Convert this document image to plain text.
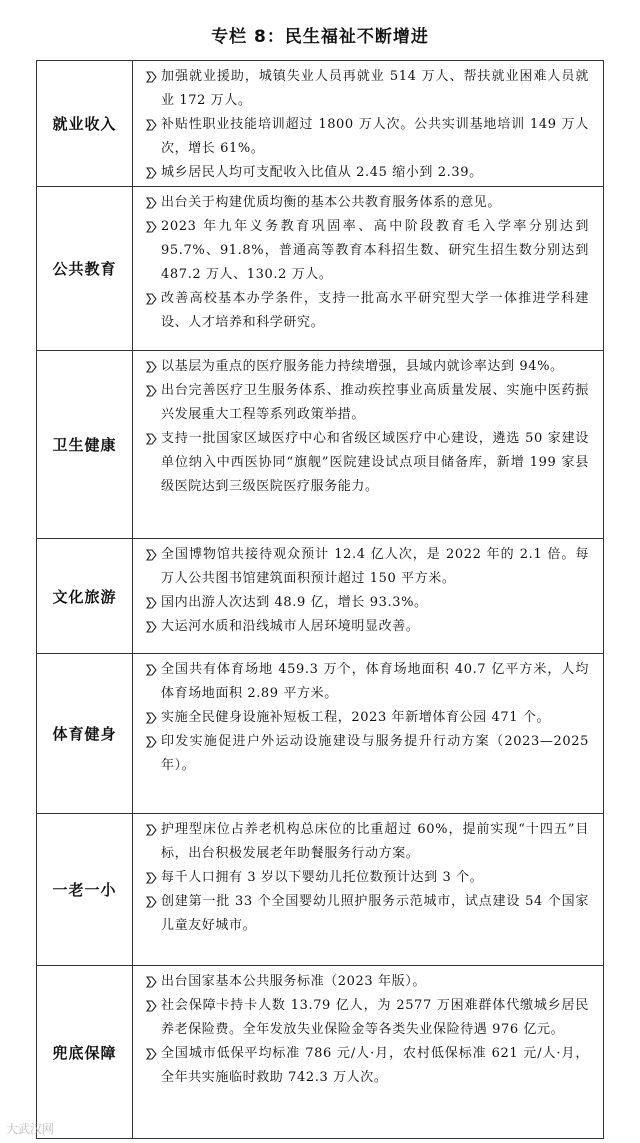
专栏 8：民生福祉不断增进
就业收入
加强就业援助，城镇失业人员再就业 514 万人、帮扶就业困难人员就业 172 万人。
补贴性职业技能培训超过 1800 万人次。公共实训基地培训 149 万人次，增长 61%。
城乡居民人均可支配收入比值从 2.45 缩小到 2.39。
公共教育
出台关于构建优质均衡的基本公共教育服务体系的意见。
2023 年九年义务教育巩固率、高中阶段教育毛入学率分别达到 95.7%、91.8%，普通高等教育本科招生数、研究生招生数分别达到 487.2 万人、130.2 万人。
改善高校基本办学条件，支持一批高水平研究型大学一体推进学科建设、人才培养和科学研究。
卫生健康
以基层为重点的医疗服务能力持续增强，县域内就诊率达到 94%。
出台完善医疗卫生服务体系、推动疾控事业高质量发展、实施中医药振兴发展重大工程等系列政策举措。
支持一批国家区域医疗中心和省级区域医疗中心建设，遴选 50 家建设单位纳入中西医协同“旗舰”医院建设试点项目储备库，新增 199 家县级医院达到三级医院医疗服务能力。
文化旅游
全国博物馆共接待观众预计 12.4 亿人次，是 2022 年的 2.1 倍。每万人公共图书馆建筑面积预计超过 150 平方米。
国内出游人次达到 48.9 亿，增长 93.3%。
大运河水质和沿线城市人居环境明显改善。
体育健身
全国共有体育场地 459.3 万个，体育场地面积 40.7 亿平方米，人均体育场地面积 2.89 平方米。
实施全民健身设施补短板工程，2023 年新增体育公园 471 个。
印发实施促进户外运动设施建设与服务提升行动方案（2023—2025 年）。
一老一小
护理型床位占养老机构总床位的比重超过 60%，提前实现“十四五”目标，出台积极发展老年助餐服务行动方案。
每千人口拥有 3 岁以下婴幼儿托位数预计达到 3 个。
创建第一批 33 个全国婴幼儿照护服务示范城市，试点建设 54 个国家儿童友好城市。
兜底保障
出台国家基本公共服务标准（2023 年版）。
社会保障卡持卡人数 13.79 亿人，为 2577 万困难群体代缴城乡居民养老保险费。全年发放失业保险金等各类失业保险待遇 976 亿元。
全国城市低保平均标准 786 元/人·月，农村低保标准 621 元/人·月，全年共实施临时救助 742.3 万人次。
大武汉网
